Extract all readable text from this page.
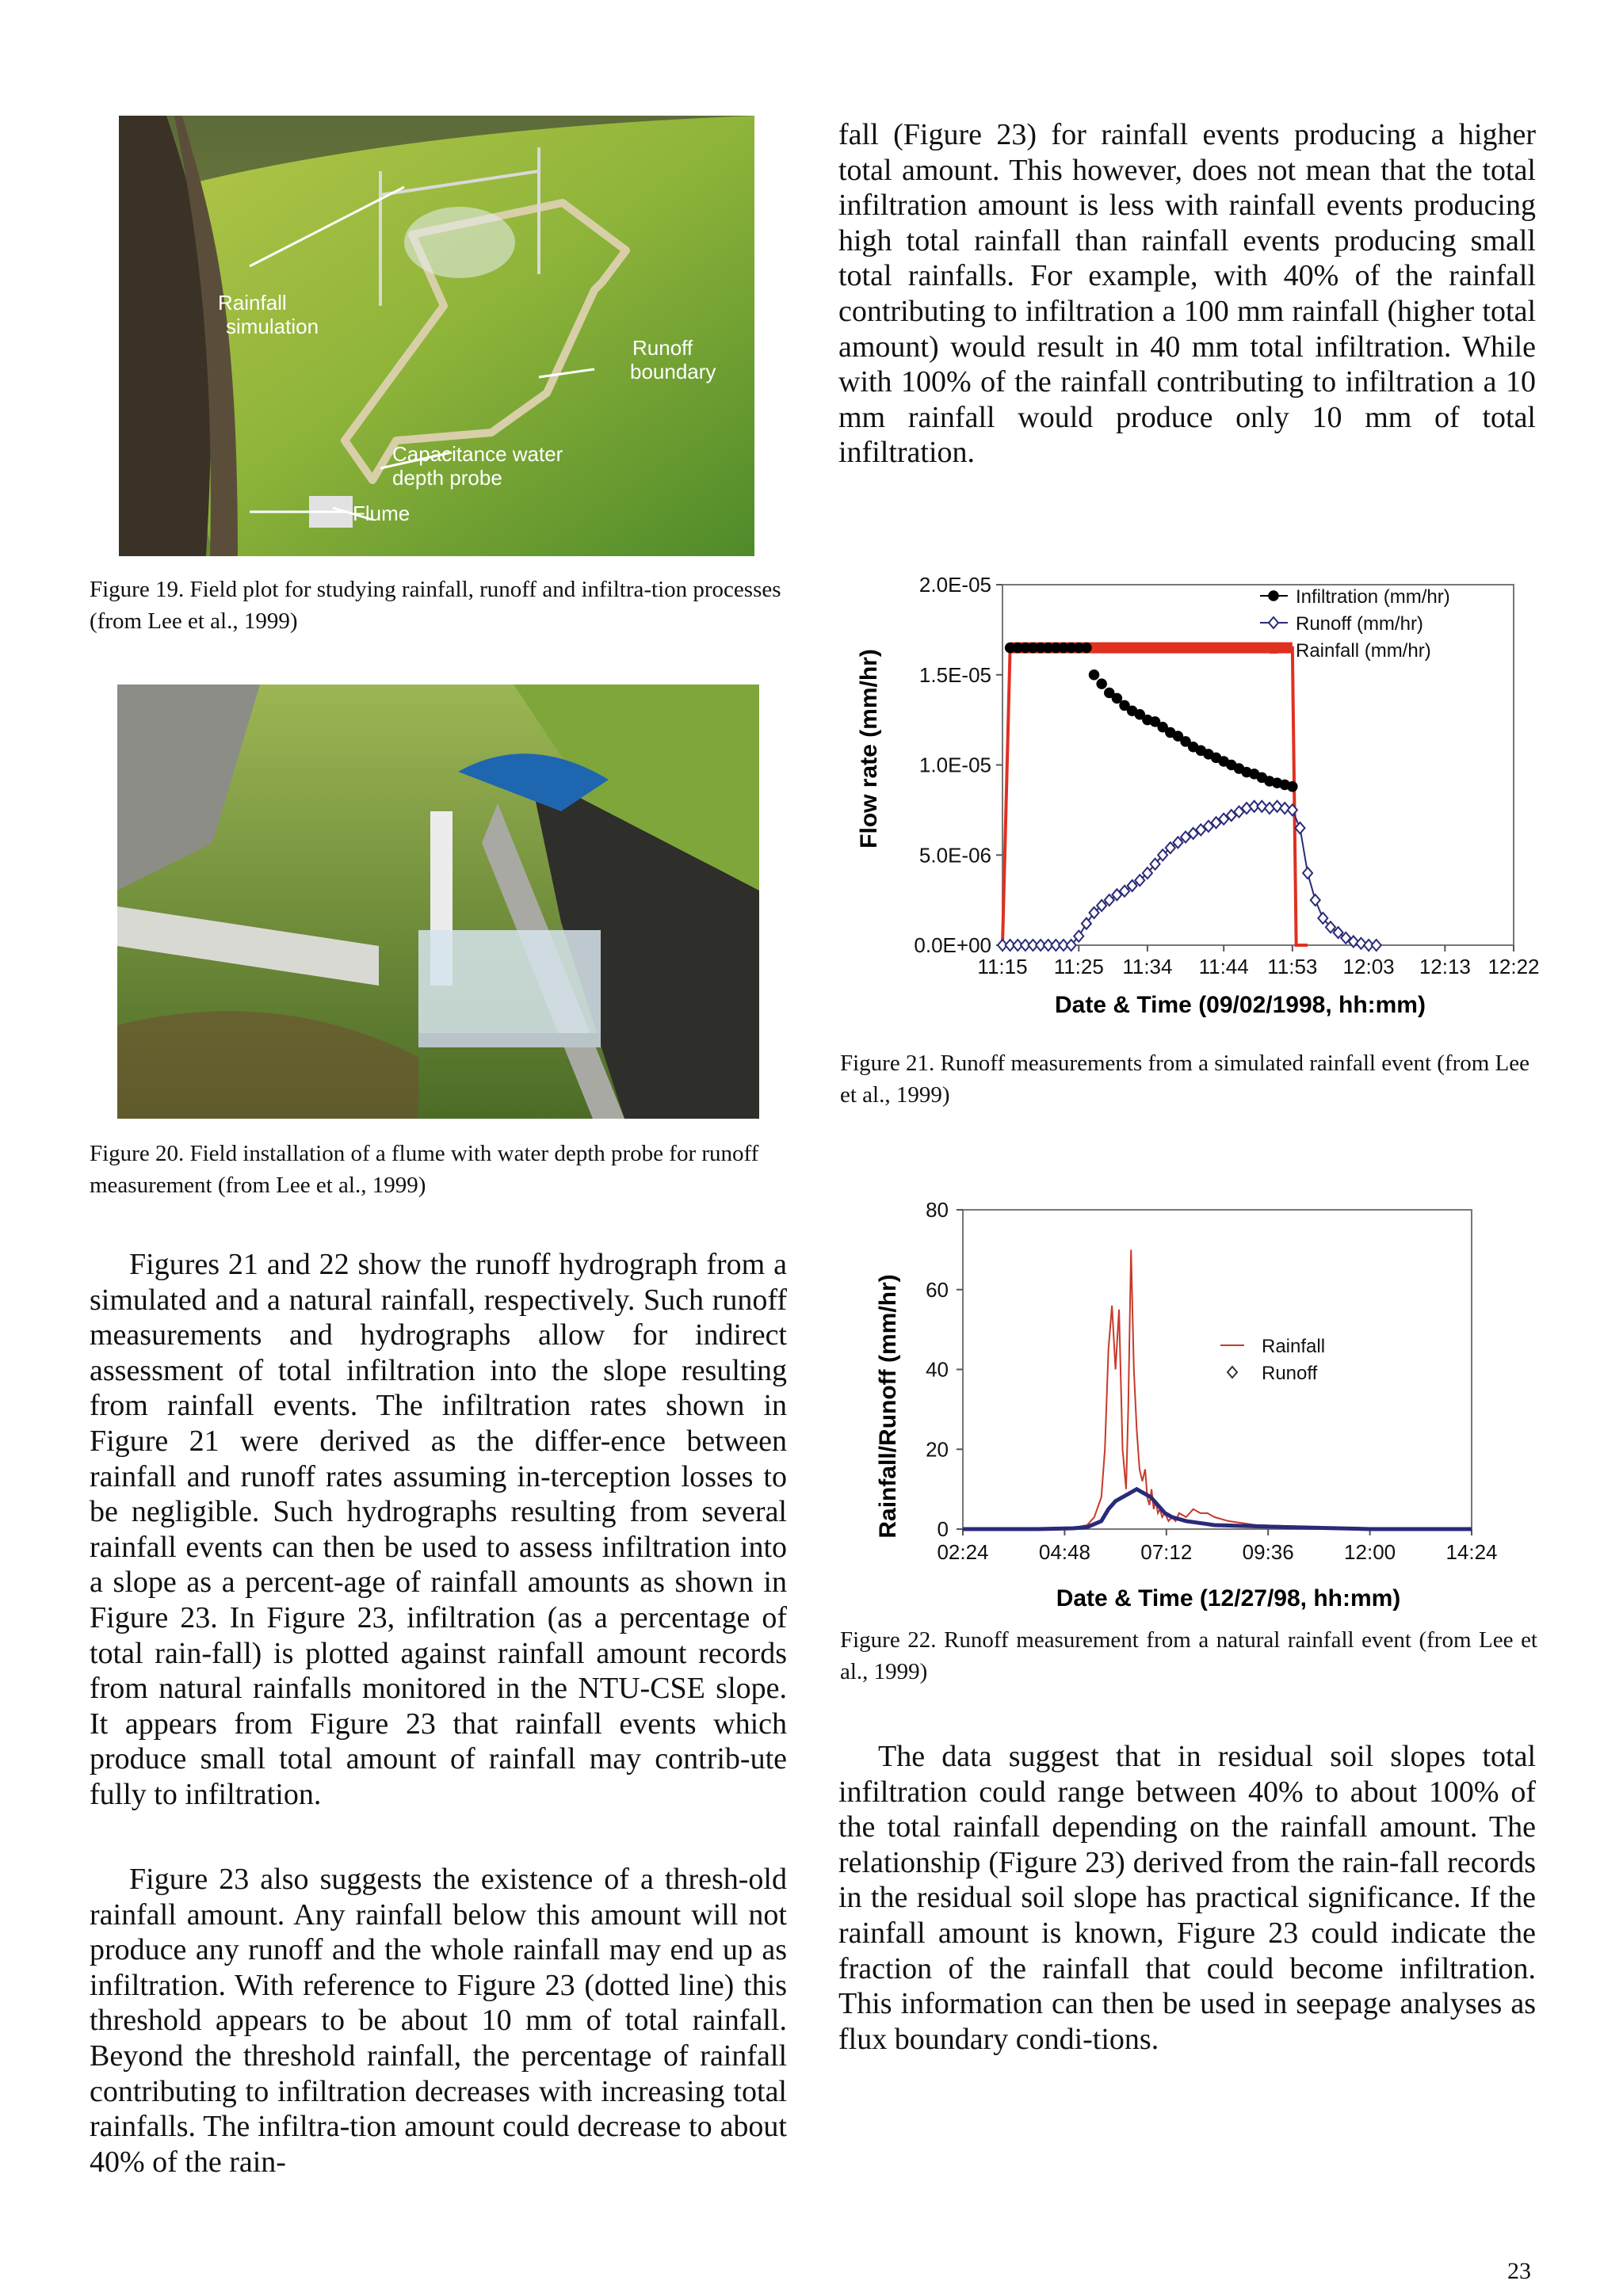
Rainfall
simulation
Runoff
boundary
Capacitance water
depth probe
Flume

Figure 19. Field plot for studying rainfall, runoff and infiltra-tion processes (from Lee et al., 1999)

Figure 20. Field installation of a flume with water depth probe for runoff measurement (from Lee et al., 1999)

Figures 21 and 22 show the runoff hydrograph from a simulated and a natural rainfall, respectively. Such runoff measurements and hydrographs allow for indirect assessment of total infiltration into the slope resulting from rainfall events. The infiltration rates shown in Figure 21 were derived as the differ-ence between rainfall and runoff rates assuming in-terception losses to be negligible. Such hydrographs resulting from several rainfall events can then be used to assess infiltration into a slope as a percent-age of rainfall amounts as shown in Figure 23. In Figure 23, infiltration (as a percentage of total rain-fall) is plotted against rainfall amount records from natural rainfalls monitored in the NTU-CSE slope. It appears from Figure 23 that rainfall events which produce small total amount of rainfall may contrib-ute fully to infiltration.

Figure 23 also suggests the existence of a thresh-old rainfall amount. Any rainfall below this amount will not produce any runoff and the whole rainfall may end up as infiltration. With reference to Figure 23 (dotted line) this threshold appears to be about 10 mm of total rainfall. Beyond the threshold rainfall, the percentage of rainfall contributing to infiltration decreases with increasing total rainfalls. The infiltra-tion amount could decrease to about 40% of the rain-

fall (Figure 23) for rainfall events producing a higher total amount. This however, does not mean that the total infiltration amount is less with rainfall events producing high total rainfall than rainfall events producing small total rainfalls. For example, with 40% of the rainfall contributing to infiltration a 100 mm rainfall (higher total amount) would result in 40 mm total infiltration. While with 100% of the rainfall contributing to infiltration a 10 mm rainfall would produce only 10 mm of total infiltration.

0.0E+00
5.0E-06
1.0E-05
1.5E-05
2.0E-05
11:15 11:25 11:34 11:44 11:53 12:03 12:13 12:22
Infiltration (mm/hr)
Runoff (mm/hr)
Rainfall (mm/hr)
Date & Time (09/02/1998, hh:mm)
Flow rate (mm/hr)

Figure 21. Runoff measurements from a simulated rainfall event (from Lee et al., 1999)

0
20
40
60
80
02:24 04:48 07:12 09:36 12:00 14:24
Rainfall
Runoff
Date & Time (12/27/98, hh:mm)
Rainfall/Runoff (mm/hr)

Figure 22. Runoff measurement from a natural rainfall event (from Lee et al., 1999)

The data suggest that in residual soil slopes total infiltration could range between 40% to about 100% of the total rainfall depending on the rainfall amount. The relationship (Figure 23) derived from the rain-fall records in the residual soil slope has practical significance. If the rainfall amount is known, Figure 23 could indicate the fraction of the rainfall that could become infiltration. This information can then be used in seepage analyses as flux boundary condi-tions.

23
